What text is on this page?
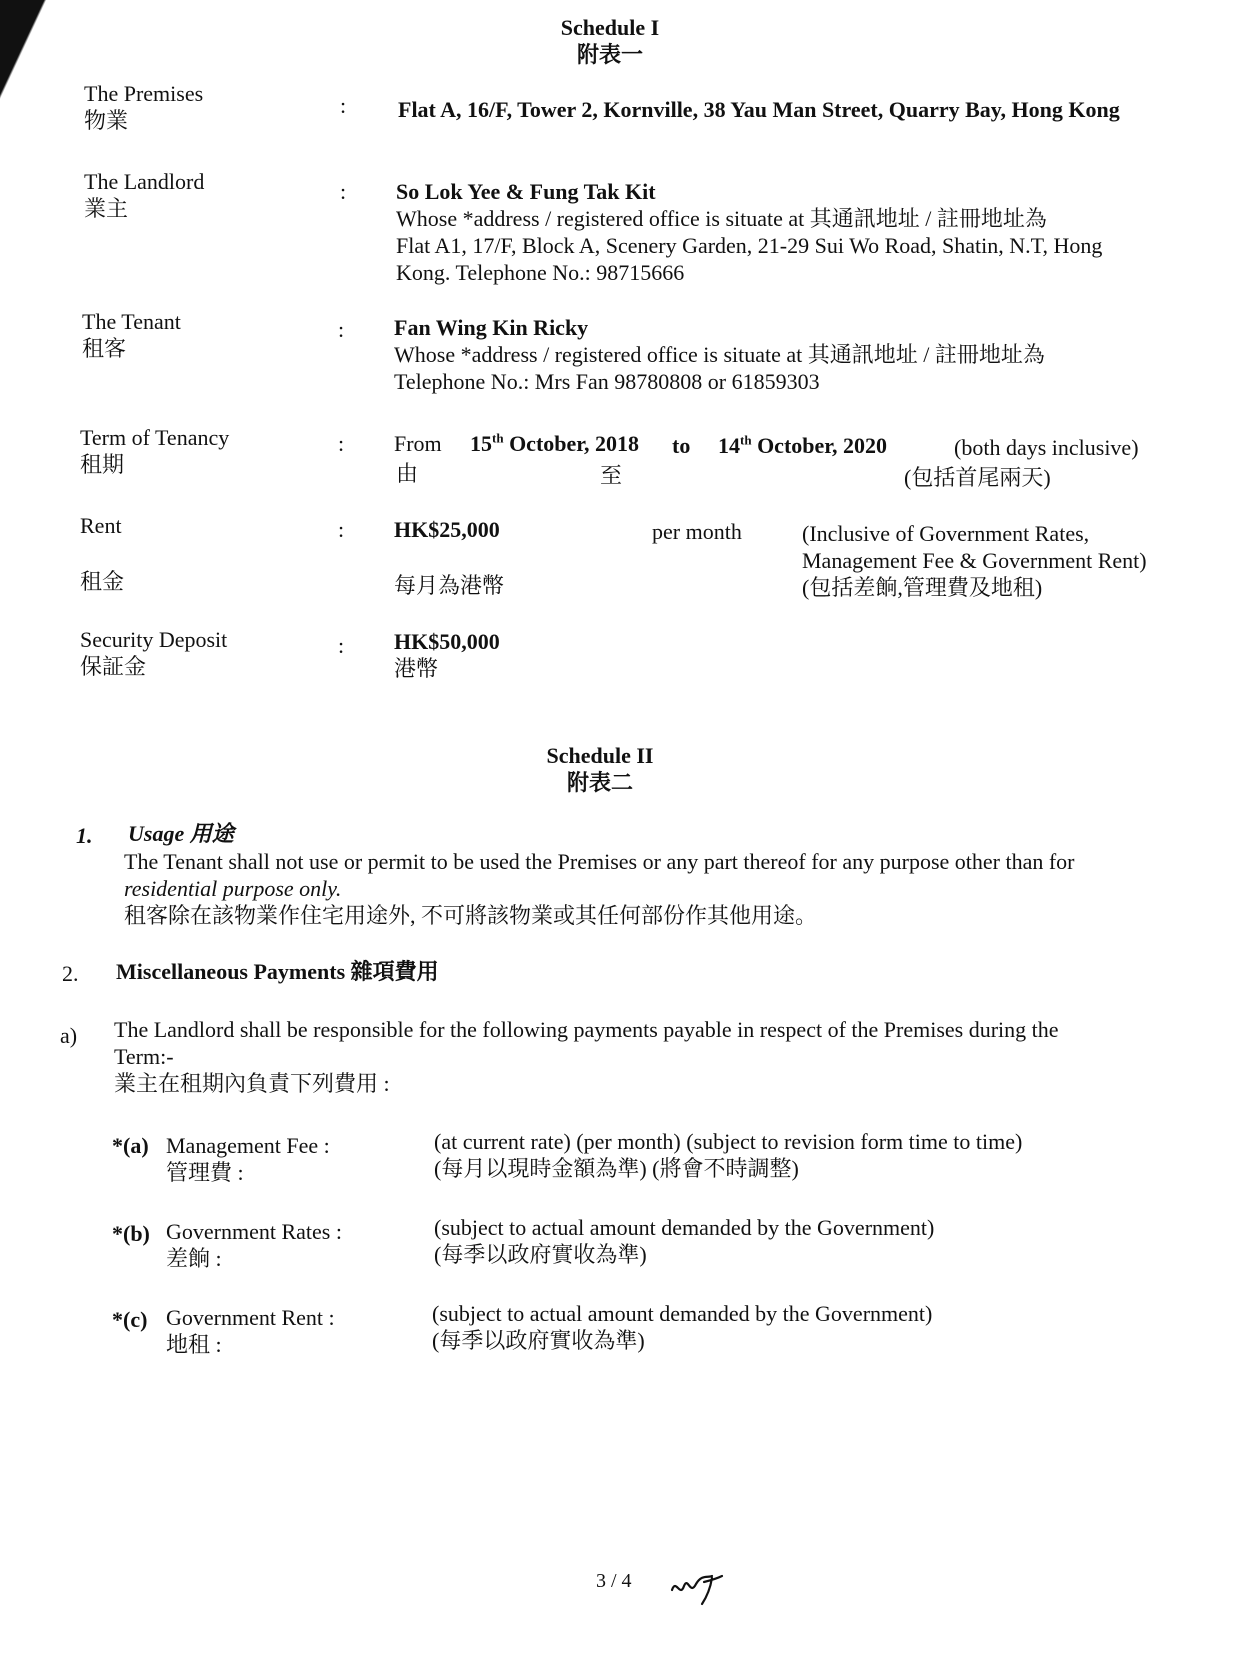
Schedule I
附表一
The Premises
物業
: Flat A, 16/F, Tower 2, Kornville, 38 Yau Man Street, Quarry Bay, Hong Kong
The Landlord
業主
: So Lok Yee & Fung Tak Kit
Whose *address / registered office is situate at 其通訊地址 / 註冊地址為
Flat A1, 17/F, Block A, Scenery Garden, 21-29 Sui Wo Road, Shatin, N.T, Hong
Kong. Telephone No.: 98715666
The Tenant
租客
: Fan Wing Kin Ricky
Whose *address / registered office is situate at 其通訊地址 / 註冊地址為
Telephone No.: Mrs Fan 98780808 or 61859303
Term of Tenancy
租期
: From 15th October, 2018 to 14th October, 2020	(both days inclusive)
由	至	(包括首尾兩天)
Rent
租金
: HK$25,000	per month
每月為港幣
(Inclusive of Government Rates,
Management Fee & Government Rent)
(包括差餉,管理費及地租)
Security Deposit
保証金
: HK$50,000
港幣
Schedule II
附表二
1. Usage 用途
The Tenant shall not use or permit to be used the Premises or any part thereof for any purpose other than for
residential purpose only.
租客除在該物業作住宅用途外, 不可將該物業或其任何部份作其他用途。
2. Miscellaneous Payments 雜項費用
a) The Landlord shall be responsible for the following payments payable in respect of the Premises during the
Term:-
業主在租期內負責下列費用 :
*(a) Management Fee :
管理費 :
(at current rate) (per month) (subject to revision form time to time)
(每月以現時金額為準) (將會不時調整)
*(b) Government Rates :
差餉 :
(subject to actual amount demanded by the Government)
(每季以政府實收為準)
*(c) Government Rent :
地租 :
(subject to actual amount demanded by the Government)
(每季以政府實收為準)
3 / 4
